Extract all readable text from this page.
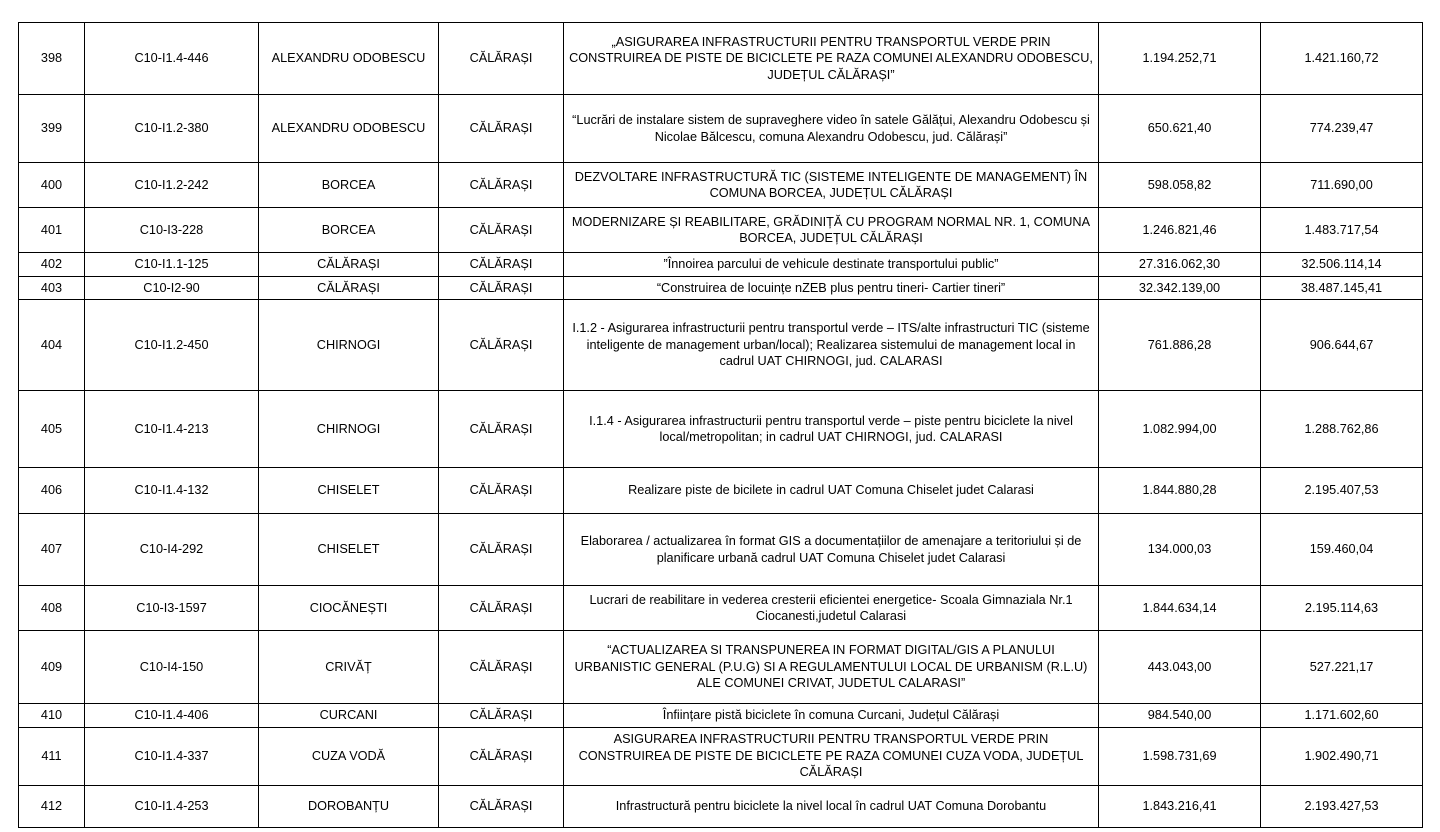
398	C10-I1.4-446	ALEXANDRU ODOBESCU	CĂLĂRAȘI	„ASIGURAREA INFRASTRUCTURII PENTRU TRANSPORTUL VERDE PRIN CONSTRUIREA DE PISTE DE BICICLETE PE RAZA COMUNEI ALEXANDRU ODOBESCU, JUDEȚUL CĂLĂRAȘI”	1.194.252,71	1.421.160,72
399	C10-I1.2-380	ALEXANDRU ODOBESCU	CĂLĂRAȘI	“Lucrări de instalare sistem de supraveghere video în satele Gălățui, Alexandru Odobescu și Nicolae Bălcescu, comuna Alexandru Odobescu, jud. Călărași”	650.621,40	774.239,47
400	C10-I1.2-242	BORCEA	CĂLĂRAȘI	DEZVOLTARE INFRASTRUCTURĂ TIC (SISTEME INTELIGENTE DE MANAGEMENT) ÎN COMUNA BORCEA, JUDEȚUL CĂLĂRAȘI	598.058,82	711.690,00
401	C10-I3-228	BORCEA	CĂLĂRAȘI	MODERNIZARE ȘI REABILITARE, GRĂDINIȚĂ CU PROGRAM NORMAL NR. 1, COMUNA BORCEA, JUDEȚUL CĂLĂRAȘI	1.246.821,46	1.483.717,54
402	C10-I1.1-125	CĂLĂRAȘI	CĂLĂRAȘI	”Înnoirea parcului de vehicule destinate transportului public”	27.316.062,30	32.506.114,14
403	C10-I2-90	CĂLĂRAȘI	CĂLĂRAȘI	“Construirea de locuințe nZEB plus pentru tineri- Cartier tineri”	32.342.139,00	38.487.145,41
404	C10-I1.2-450	CHIRNOGI	CĂLĂRAȘI	I.1.2 - Asigurarea infrastructurii pentru transportul verde – ITS/alte infrastructuri TIC (sisteme inteligente de management urban/local); Realizarea sistemului de management local in cadrul UAT CHIRNOGI, jud. CALARASI	761.886,28	906.644,67
405	C10-I1.4-213	CHIRNOGI	CĂLĂRAȘI	I.1.4 - Asigurarea infrastructurii pentru transportul verde – piste pentru biciclete la nivel local/metropolitan; in cadrul UAT CHIRNOGI, jud. CALARASI	1.082.994,00	1.288.762,86
406	C10-I1.4-132	CHISELET	CĂLĂRAȘI	Realizare piste de bicilete in cadrul UAT Comuna Chiselet judet Calarasi	1.844.880,28	2.195.407,53
407	C10-I4-292	CHISELET	CĂLĂRAȘI	Elaborarea / actualizarea în format GIS a documentațiilor de amenajare a teritoriului și de planificare urbană cadrul UAT Comuna Chiselet judet Calarasi	134.000,03	159.460,04
408	C10-I3-1597	CIOCĂNEȘTI	CĂLĂRAȘI	Lucrari de reabilitare in vederea cresterii eficientei energetice- Scoala Gimnaziala Nr.1 Ciocanesti,judetul Calarasi	1.844.634,14	2.195.114,63
409	C10-I4-150	CRIVĂȚ	CĂLĂRAȘI	“ACTUALIZAREA SI TRANSPUNEREA IN FORMAT DIGITAL/GIS A PLANULUI URBANISTIC GENERAL (P.U.G) SI A REGULAMENTULUI LOCAL DE URBANISM (R.L.U) ALE COMUNEI CRIVAT, JUDETUL CALARASI”	443.043,00	527.221,17
410	C10-I1.4-406	CURCANI	CĂLĂRAȘI	Înființare pistă biciclete în comuna Curcani, Județul Călărași	984.540,00	1.171.602,60
411	C10-I1.4-337	CUZA VODĂ	CĂLĂRAȘI	ASIGURAREA INFRASTRUCTURII PENTRU TRANSPORTUL VERDE PRIN CONSTRUIREA DE PISTE DE BICICLETE PE RAZA COMUNEI CUZA VODA, JUDEȚUL CĂLĂRAȘI	1.598.731,69	1.902.490,71
412	C10-I1.4-253	DOROBANȚU	CĂLĂRAȘI	Infrastructură pentru biciclete la nivel local în cadrul UAT Comuna Dorobantu	1.843.216,41	2.193.427,53
